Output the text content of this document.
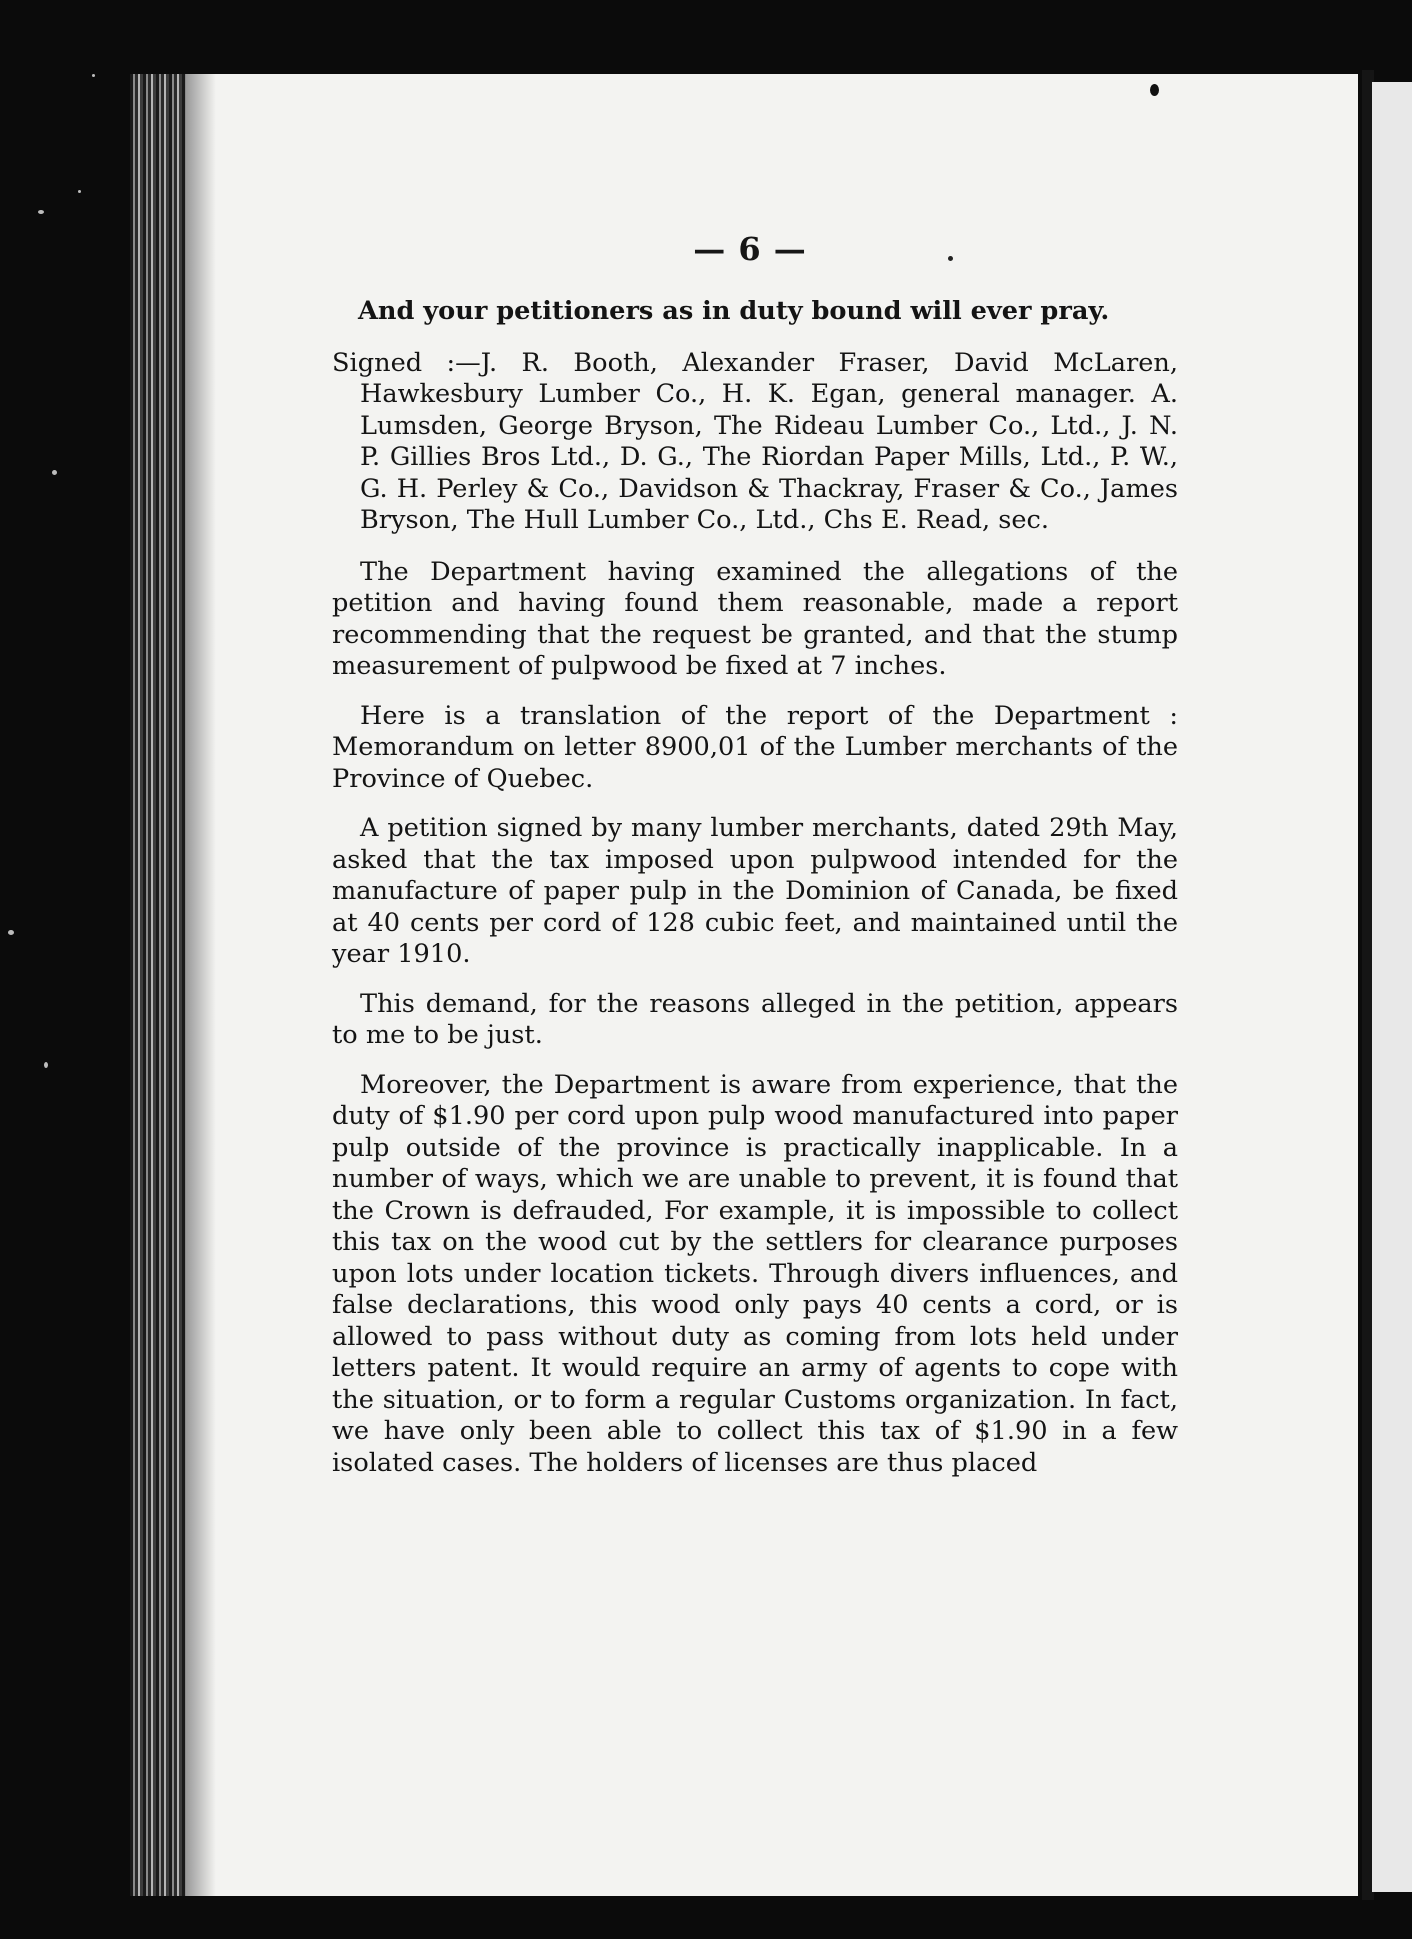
— 6 —

And your petitioners as in duty bound will ever pray.

Signed :—J. R. Booth, Alexander Fraser, David McLaren, Hawkesbury Lumber Co., H. K. Egan, general manager. A. Lumsden, George Bryson, The Rideau Lumber Co., Ltd., J. N. P. Gillies Bros Ltd., D. G., The Riordan Paper Mills, Ltd., P. W., G. H. Perley & Co., Davidson & Thackray, Fraser & Co., James Bryson, The Hull Lumber Co., Ltd., Chs E. Read, sec.

The Department having examined the allegations of the petition and having found them reasonable, made a report recommending that the request be granted, and that the stump measurement of pulpwood be fixed at 7 inches.

Here is a translation of the report of the Department : Memorandum on letter 8900,01 of the Lumber merchants of the Province of Quebec.

A petition signed by many lumber merchants, dated 29th May, asked that the tax imposed upon pulpwood intended for the manufacture of paper pulp in the Dominion of Canada, be fixed at 40 cents per cord of 128 cubic feet, and maintained until the year 1910.

This demand, for the reasons alleged in the petition, appears to me to be just.

Moreover, the Department is aware from experience, that the duty of $1.90 per cord upon pulp wood manufactured into paper pulp outside of the province is practically inapplicable. In a number of ways, which we are unable to prevent, it is found that the Crown is defrauded, For example, it is impossible to collect this tax on the wood cut by the settlers for clearance purposes upon lots under location tickets. Through divers influences, and false declarations, this wood only pays 40 cents a cord, or is allowed to pass without duty as coming from lots held under letters patent. It would require an army of agents to cope with the situation, or to form a regular Customs organization. In fact, we have only been able to collect this tax of $1.90 in a few isolated cases. The holders of licenses are thus placed
